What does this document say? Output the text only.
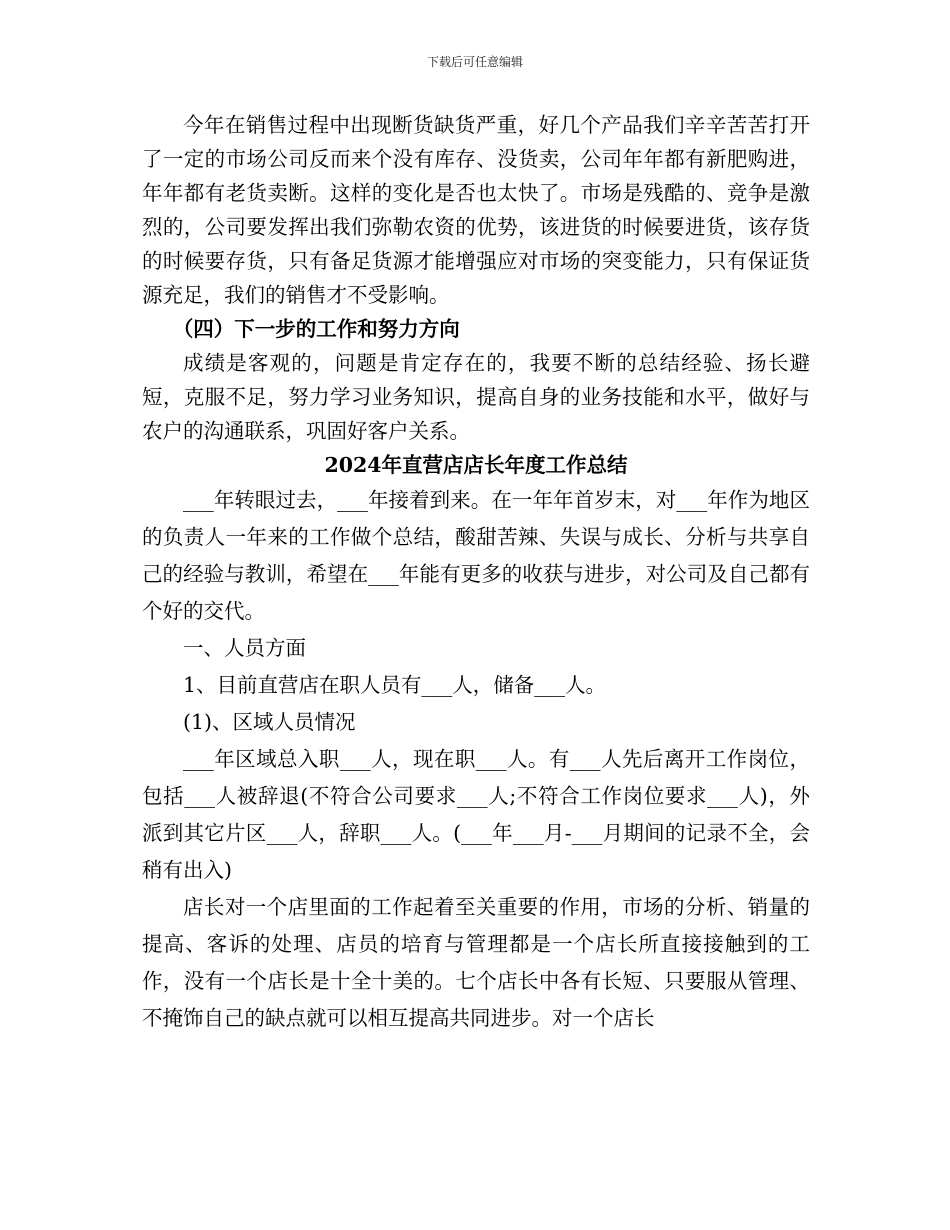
下载后可任意编辑

今年在销售过程中出现断货缺货严重，好几个产品我们辛辛苦苦打开了一定的市场公司反而来个没有库存、没货卖，公司年年都有新肥购进，年年都有老货卖断。这样的变化是否也太快了。市场是残酷的、竞争是激烈的，公司要发挥出我们弥勒农资的优势，该进货的时候要进货，该存货的时候要存货，只有备足货源才能增强应对市场的突变能力，只有保证货源充足，我们的销售才不受影响。

（四）下一步的工作和努力方向

成绩是客观的，问题是肯定存在的，我要不断的总结经验、扬长避短，克服不足，努力学习业务知识，提高自身的业务技能和水平，做好与农户的沟通联系，巩固好客户关系。

2024年直营店店长年度工作总结

___年转眼过去，___年接着到来。在一年年首岁末，对___年作为地区的负责人一年来的工作做个总结，酸甜苦辣、失误与成长、分析与共享自己的经验与教训，希望在___年能有更多的收获与进步，对公司及自己都有个好的交代。

一、人员方面

1、目前直营店在职人员有___人，储备___人。

(1)、区域人员情况

___年区域总入职___人，现在职___人。有___人先后离开工作岗位，包括___人被辞退(不符合公司要求___人;不符合工作岗位要求___人)，外派到其它片区___人，辞职___人。(___年___月-___月期间的记录不全，会稍有出入)

店长对一个店里面的工作起着至关重要的作用，市场的分析、销量的提高、客诉的处理、店员的培育与管理都是一个店长所直接接触到的工作，没有一个店长是十全十美的。七个店长中各有长短、只要服从管理、不掩饰自己的缺点就可以相互提高共同进步。对一个店长
